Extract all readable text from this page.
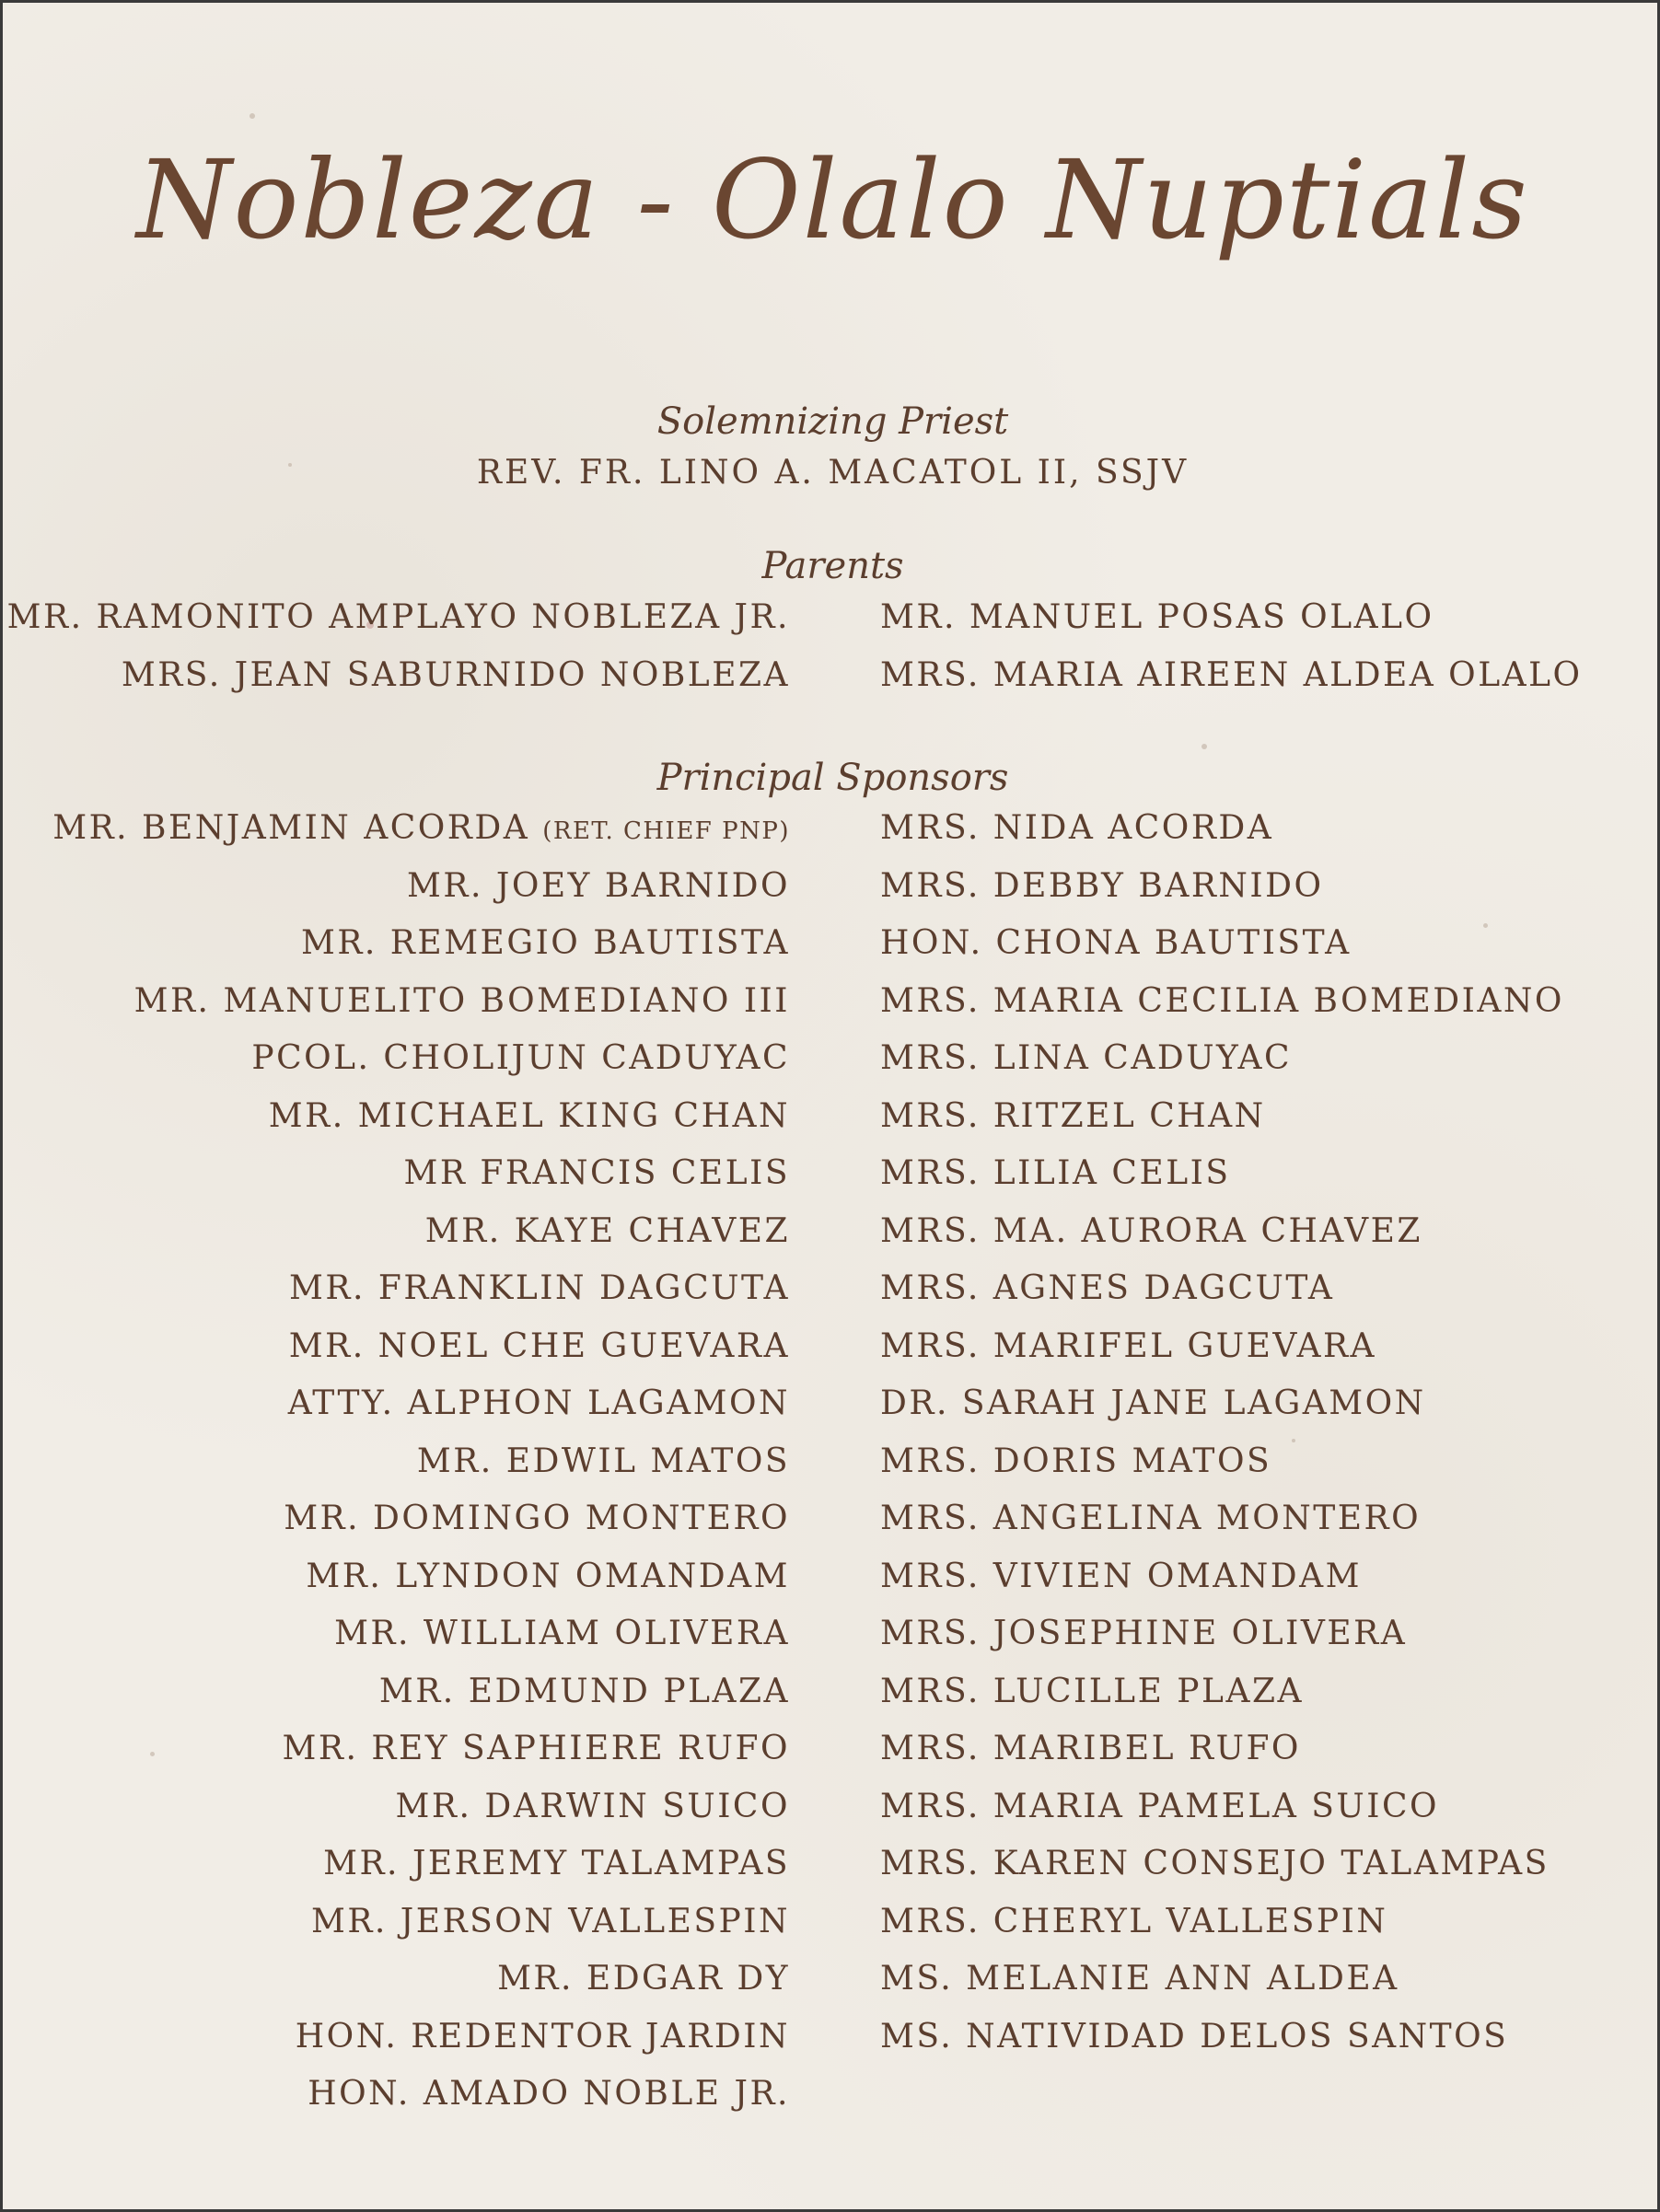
Nobleza - Olalo Nuptials
Solemnizing Priest
REV. FR. LINO A. MACATOL II, SSJV
Parents
MR. RAMONITO AMPLAYO NOBLEZA JR.	MR. MANUEL POSAS OLALO
MRS. JEAN SABURNIDO NOBLEZA	MRS. MARIA AIREEN ALDEA OLALO
Principal Sponsors
MR. BENJAMIN ACORDA (RET. CHIEF PNP)	MRS. NIDA ACORDA
MR. JOEY BARNIDO	MRS. DEBBY BARNIDO
MR. REMEGIO BAUTISTA	HON. CHONA BAUTISTA
MR. MANUELITO BOMEDIANO III	MRS. MARIA CECILIA BOMEDIANO
PCOL. CHOLIJUN CADUYAC	MRS. LINA CADUYAC
MR. MICHAEL KING CHAN	MRS. RITZEL CHAN
MR FRANCIS CELIS	MRS. LILIA CELIS
MR. KAYE CHAVEZ	MRS. MA. AURORA CHAVEZ
MR. FRANKLIN DAGCUTA	MRS. AGNES DAGCUTA
MR. NOEL CHE GUEVARA	MRS. MARIFEL GUEVARA
ATTY. ALPHON LAGAMON	DR. SARAH JANE LAGAMON
MR. EDWIL MATOS	MRS. DORIS MATOS
MR. DOMINGO MONTERO	MRS. ANGELINA MONTERO
MR. LYNDON OMANDAM	MRS. VIVIEN OMANDAM
MR. WILLIAM OLIVERA	MRS. JOSEPHINE OLIVERA
MR. EDMUND PLAZA	MRS. LUCILLE PLAZA
MR. REY SAPHIERE RUFO	MRS. MARIBEL RUFO
MR. DARWIN SUICO	MRS. MARIA PAMELA SUICO
MR. JEREMY TALAMPAS	MRS. KAREN CONSEJO TALAMPAS
MR. JERSON VALLESPIN	MRS. CHERYL VALLESPIN
MR. EDGAR DY	MS. MELANIE ANN ALDEA
HON. REDENTOR JARDIN	MS. NATIVIDAD DELOS SANTOS
HON. AMADO NOBLE JR.
